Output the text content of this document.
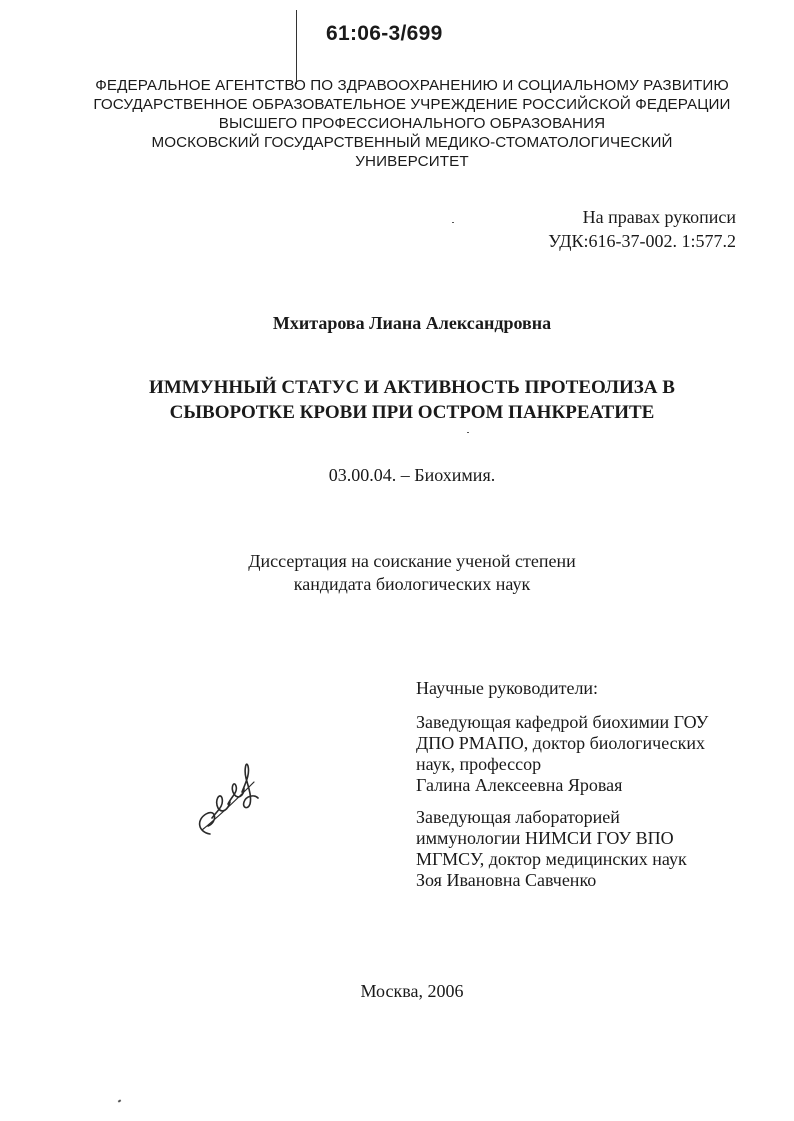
61:06-3/699
ФЕДЕРАЛЬНОЕ АГЕНТСТВО ПО ЗДРАВООХРАНЕНИЮ И СОЦИАЛЬНОМУ РАЗВИТИЮ
ГОСУДАРСТВЕННОЕ ОБРАЗОВАТЕЛЬНОЕ УЧРЕЖДЕНИЕ РОССИЙСКОЙ ФЕДЕРАЦИИ
ВЫСШЕГО ПРОФЕССИОНАЛЬНОГО ОБРАЗОВАНИЯ
МОСКОВСКИЙ ГОСУДАРСТВЕННЫЙ МЕДИКО-СТОМАТОЛОГИЧЕСКИЙ
УНИВЕРСИТЕТ
На правах рукописи
УДК:616-37-002. 1:577.2
Мхитарова Лиана Александровна
ИММУННЫЙ СТАТУС И АКТИВНОСТЬ ПРОТЕОЛИЗА В
СЫВОРОТКЕ КРОВИ ПРИ ОСТРОМ ПАНКРЕАТИТЕ
03.00.04. – Биохимия.
Диссертация на соискание ученой степени
кандидата биологических наук
Научные руководители:
Заведующая кафедрой биохимии ГОУ
ДПО РМАПО, доктор биологических
наук, профессор
Галина Алексеевна Яровая
Заведующая лабораторией
иммунологии НИМСИ ГОУ ВПО
МГМСУ, доктор медицинских наук
Зоя Ивановна Савченко
Москва, 2006
